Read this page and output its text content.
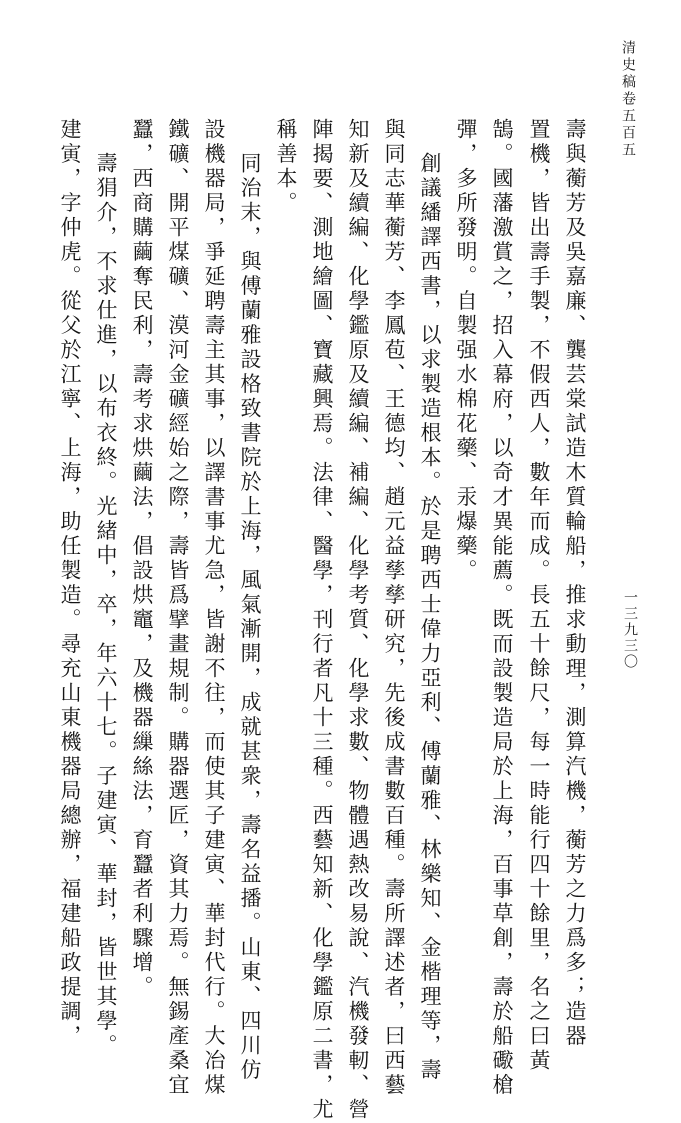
清史稿卷五百五
一三九三〇
壽與蘅芳及吳嘉廉、龔芸棠試造木質輪船，推求動理，測算汽機，蘅芳之力爲多；造器
置機，皆出壽手製，不假西人，數年而成。長五十餘尺，每一時能行四十餘里，名之曰黃
鵠。國藩激賞之，招入幕府，以奇才異能薦。既而設製造局於上海，百事草創，壽於船礮槍
彈，多所發明。自製强水棉花藥、汞爆藥。
創議繙譯西書，以求製造根本。於是聘西士偉力亞利、傅蘭雅、林樂知、金楷理等，壽
與同志華蘅芳、李鳳苞、王德均、趙元益孳孳研究，先後成書數百種。壽所譯述者，曰西藝
知新及續編、化學鑑原及續編、補編、化學考質、化學求數、物體遇熱改易說、汽機發軔、營
陣揭要、測地繪圖、寶藏興焉。法律、醫學，刊行者凡十三種。西藝知新、化學鑑原二書，尤
稱善本。
同治末，與傅蘭雅設格致書院於上海，風氣漸開，成就甚衆，壽名益播。山東、四川仿
設機器局，爭延聘壽主其事，以譯書事尤急，皆謝不往，而使其子建寅、華封代行。大冶煤
鐵礦、開平煤礦、漠河金礦經始之際，壽皆爲擘畫規制。購器選匠，資其力焉。無錫產桑宜
蠶，西商購繭奪民利，壽考求烘繭法，倡設烘竈，及機器繅絲法，育蠶者利驟增。
壽狷介，不求仕進，以布衣終。光緒中，卒，年六十七。子建寅、華封，皆世其學。
建寅，字仲虎。從父於江寧、上海，助任製造。尋充山東機器局總辦，福建船政提調，
